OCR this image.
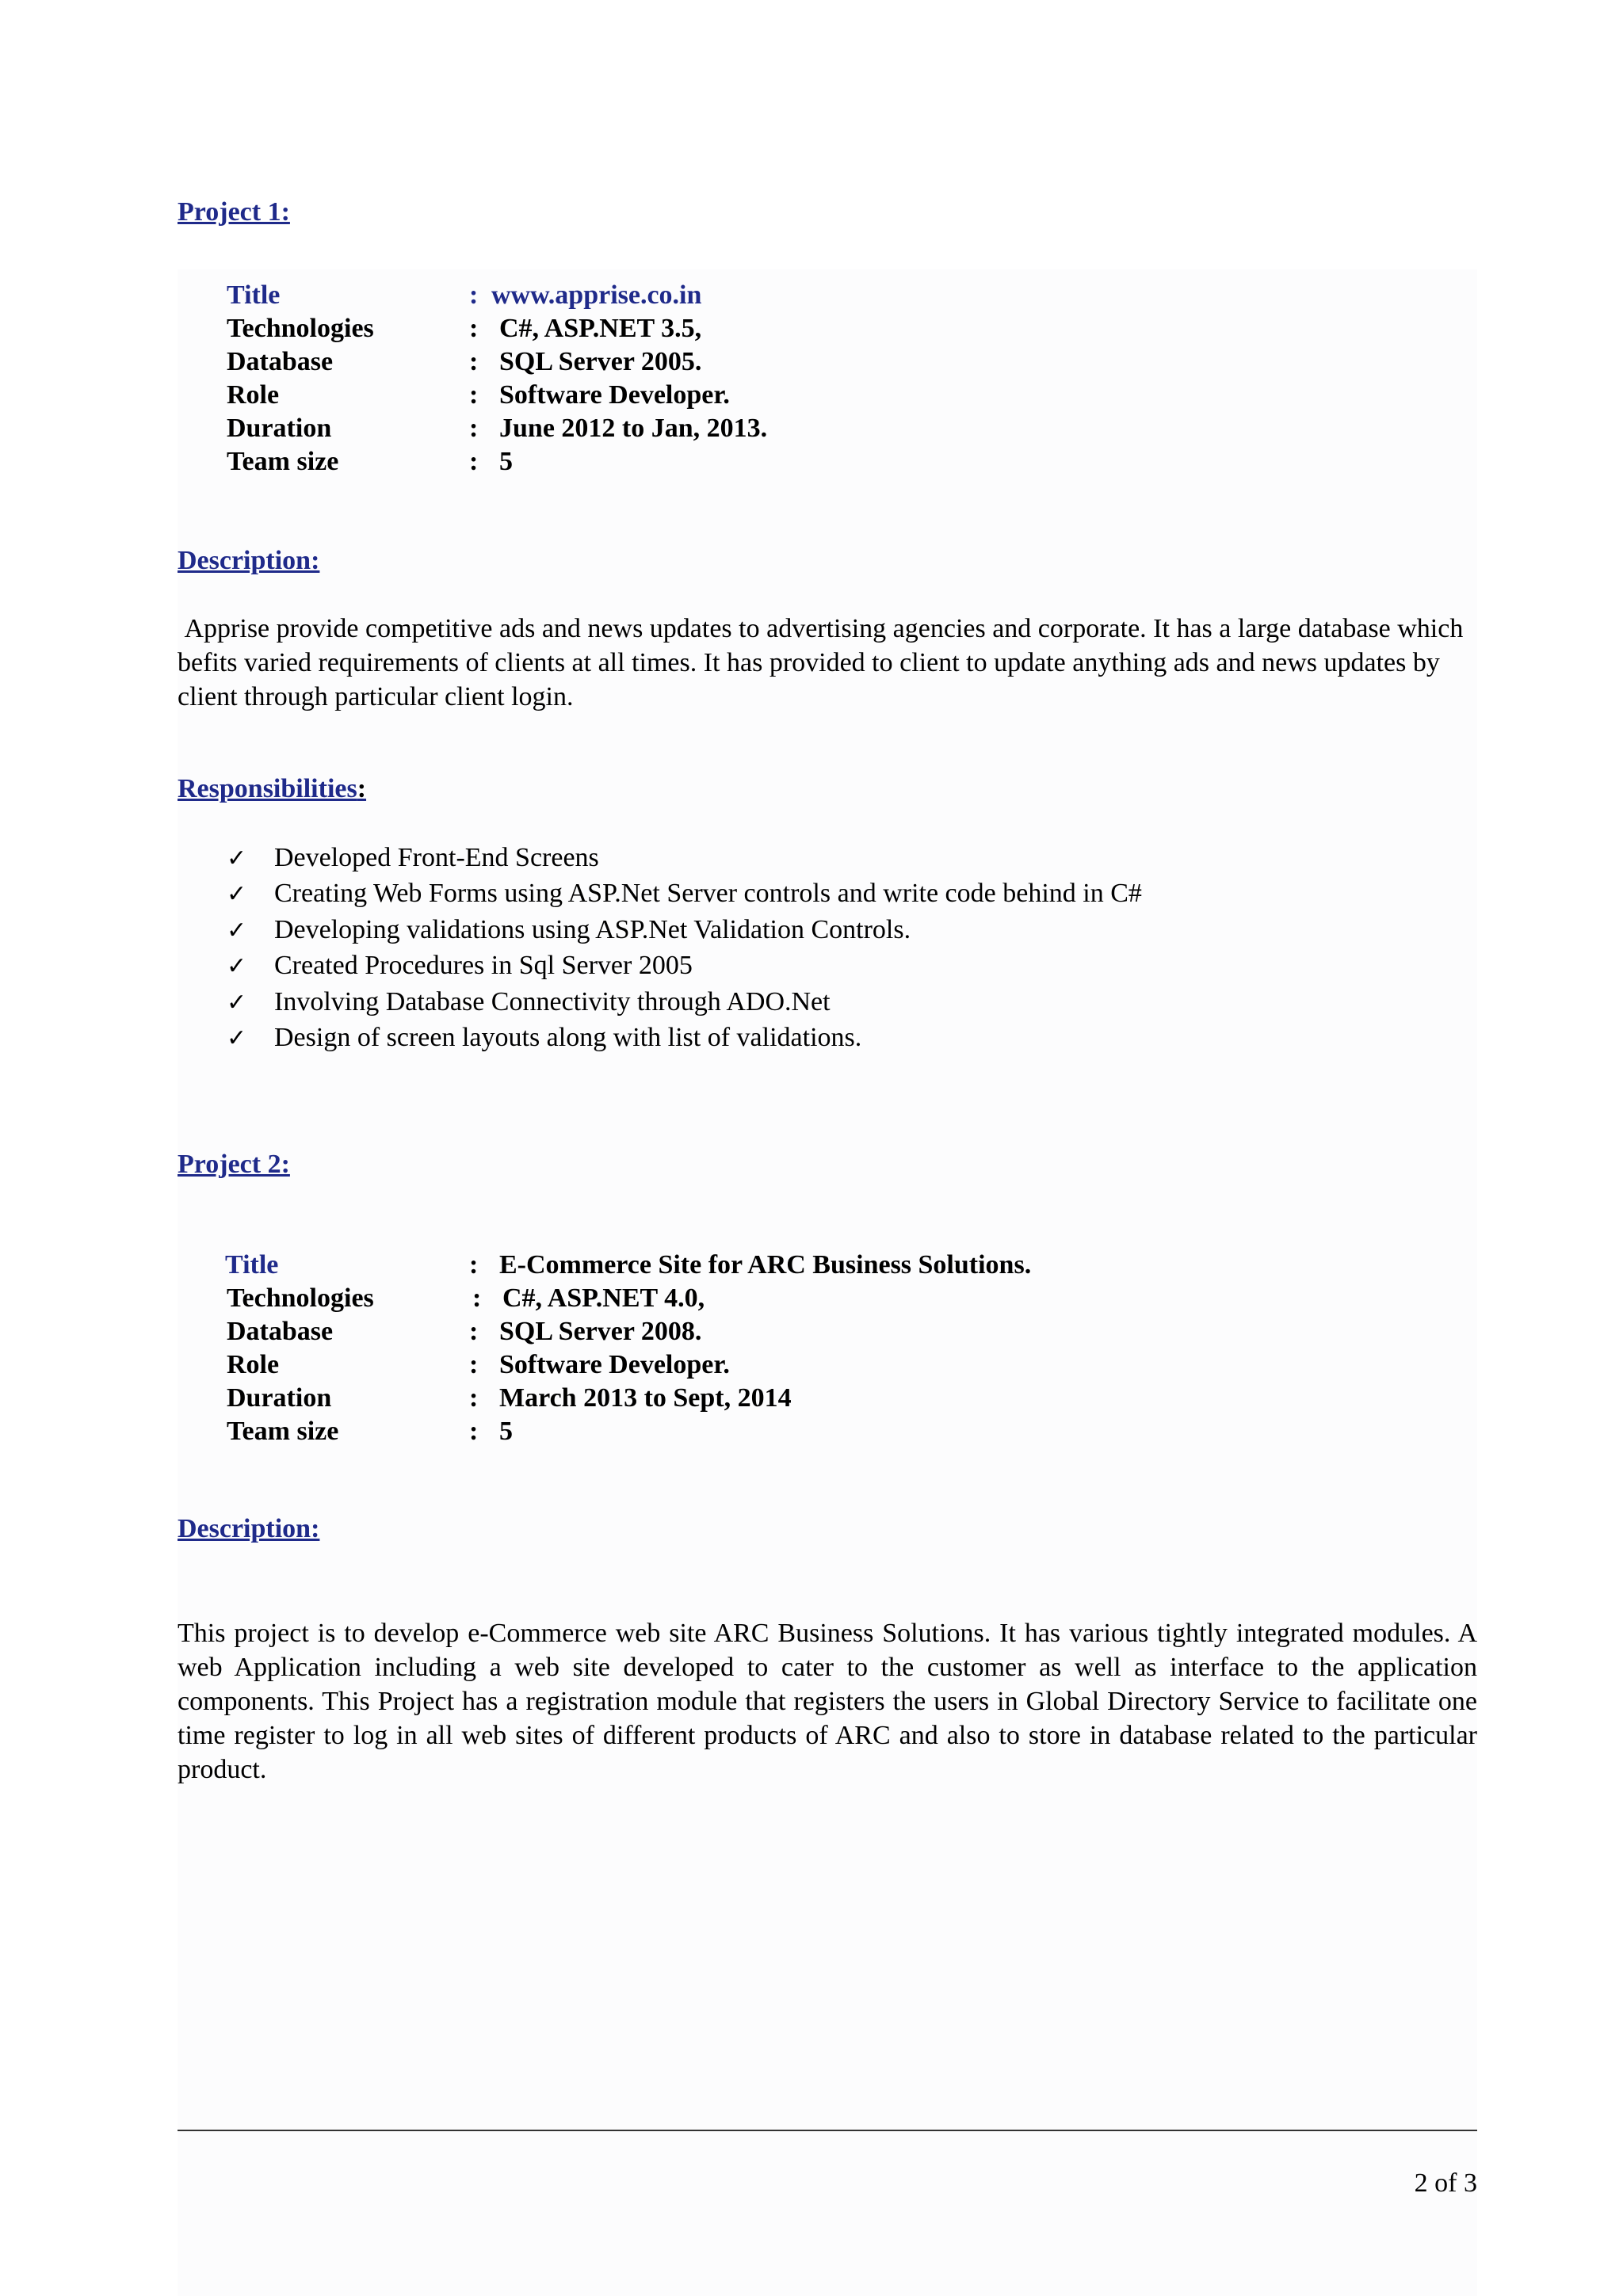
Project 1:
Title	: www.apprise.co.in
Technologies	: C#, ASP.NET 3.5,
Database	: SQL Server 2005.
Role	: Software Developer.
Duration	: June 2012 to Jan, 2013.
Team size	: 5
Description:

Apprise provide competitive ads and news updates to advertising agencies and corporate. It has a large database which befits varied requirements of clients at all times. It has provided to client to update anything ads and news updates by client through particular client login.

Responsibilities:
✓ Developed Front-End Screens
✓ Creating Web Forms using ASP.Net Server controls and write code behind in C#
✓ Developing validations using ASP.Net Validation Controls.
✓ Created Procedures in Sql Server 2005
✓ Involving Database Connectivity through ADO.Net
✓ Design of screen layouts along with list of validations.
Project 2:
Title	: E-Commerce Site for ARC Business Solutions.
Technologies	: C#, ASP.NET 4.0,
Database	: SQL Server 2008.
Role	: Software Developer.
Duration	: March 2013 to Sept, 2014
Team size	: 5
Description:

This project is to develop e-Commerce web site ARC Business Solutions. It has various tightly integrated modules. A web Application including a web site developed to cater to the customer as well as interface to the application components. This Project has a registration module that registers the users in Global Directory Service to facilitate one time register to log in all web sites of different products of ARC and also to store in database related to the particular product.

2 of 3
